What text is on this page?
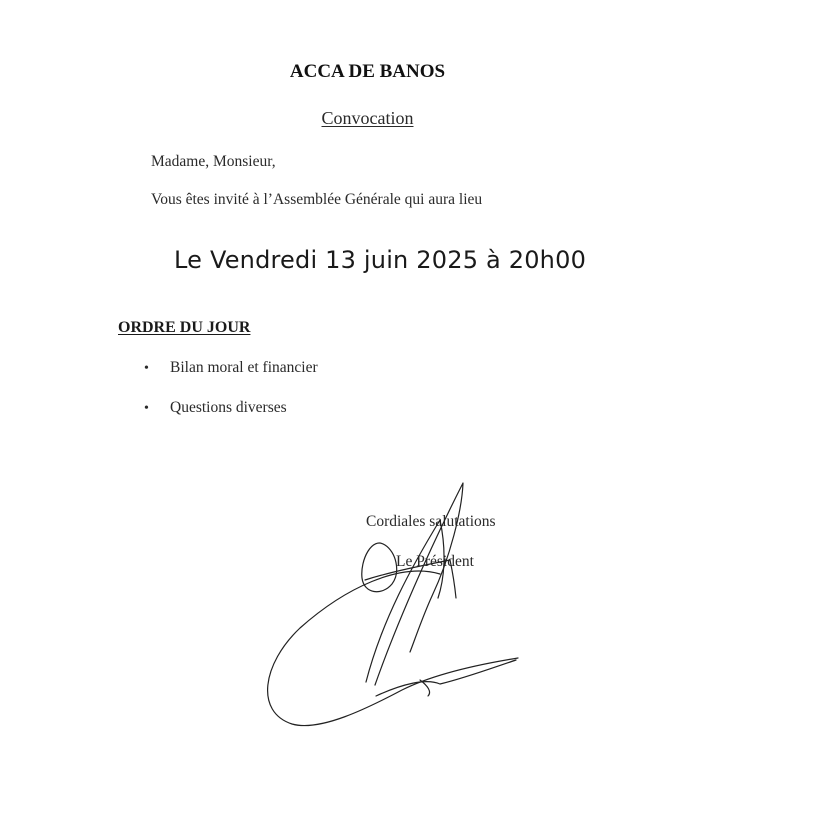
ACCA DE BANOS
Convocation
Madame, Monsieur,
Vous êtes invité à l’Assemblée Générale qui aura lieu
Le Vendredi 13 juin 2025 à 20h00
ORDRE DU JOUR
• Bilan moral et financier
• Questions diverses
Cordiales salutations
Le Président
